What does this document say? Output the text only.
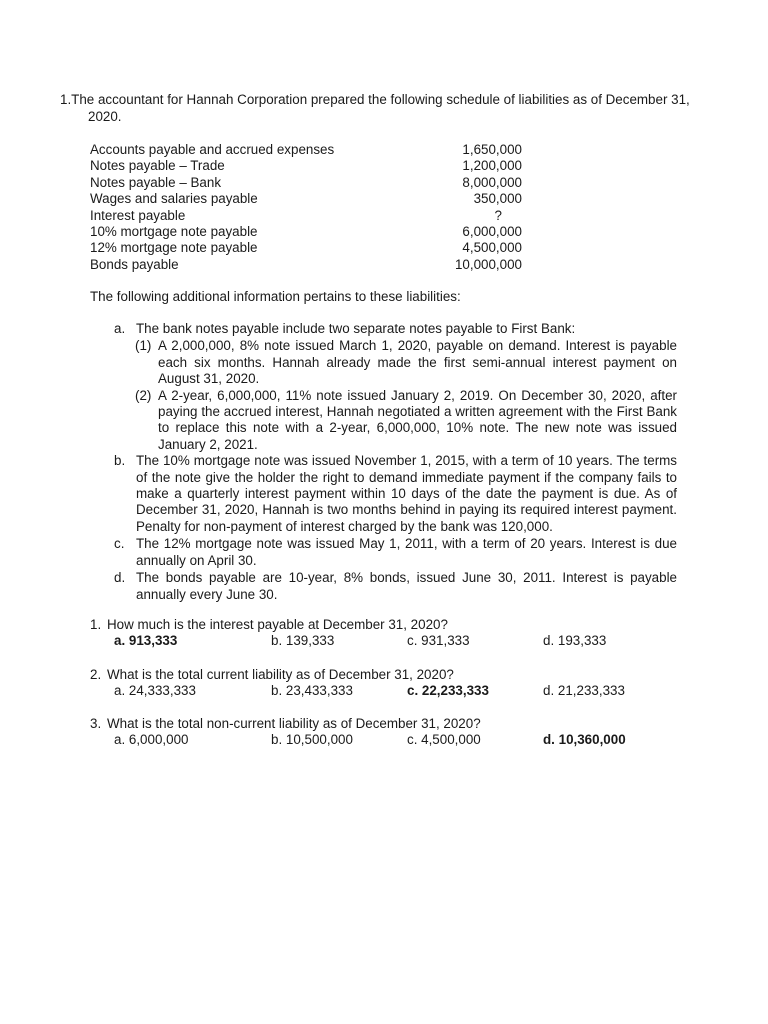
1.The accountant for Hannah Corporation prepared the following schedule of liabilities as of December 31, 2020.
Accounts payable and accrued expenses	1,650,000
Notes payable – Trade	1,200,000
Notes payable – Bank	8,000,000
Wages and salaries payable	350,000
Interest payable	?
10% mortgage note payable	6,000,000
12% mortgage note payable	4,500,000
Bonds payable	10,000,000
The following additional information pertains to these liabilities:
a. The bank notes payable include two separate notes payable to First Bank:
(1) A 2,000,000, 8% note issued March 1, 2020, payable on demand. Interest is payable each six months. Hannah already made the first semi-annual interest payment on August 31, 2020.
(2) A 2-year, 6,000,000, 11% note issued January 2, 2019. On December 30, 2020, after paying the accrued interest, Hannah negotiated a written agreement with the First Bank to replace this note with a 2-year, 6,000,000, 10% note. The new note was issued January 2, 2021.
b. The 10% mortgage note was issued November 1, 2015, with a term of 10 years. The terms of the note give the holder the right to demand immediate payment if the company fails to make a quarterly interest payment within 10 days of the date the payment is due. As of December 31, 2020, Hannah is two months behind in paying its required interest payment. Penalty for non-payment of interest charged by the bank was 120,000.
c. The 12% mortgage note was issued May 1, 2011, with a term of 20 years. Interest is due annually on April 30.
d. The bonds payable are 10-year, 8% bonds, issued June 30, 2011. Interest is payable annually every June 30.
1. How much is the interest payable at December 31, 2020?
a. 913,333	b. 139,333	c. 931,333	d. 193,333
2. What is the total current liability as of December 31, 2020?
a. 24,333,333	b. 23,433,333	c. 22,233,333	d. 21,233,333
3. What is the total non-current liability as of December 31, 2020?
a. 6,000,000	b. 10,500,000	c. 4,500,000	d. 10,360,000
